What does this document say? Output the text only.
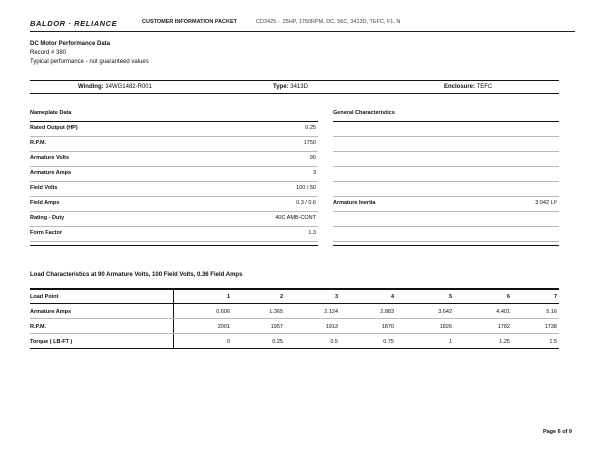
BALDOR · RELIANCE	CUSTOMER INFORMATION PACKET	CD3425 - .25HP, 1750RPM, DC, 56C, 3413D, TEFC, F1, N
DC Motor Performance Data
Record # 380
Typical performance - not guaranteed values
Winding: 34WG1482-R001	Type: 3413D	Enclosure: TEFC
Nameplate Data
Rated Output (HP)	0.25
R.P.M.	1750
Armature Volts	90
Armature Amps	3
Field Volts	100 / 50
Field Amps	0.3 / 0.6
Rating - Duty	40C AMB-CONT
Form Factor	1.3
General Characteristics
Armature Inertia	3.042 LI²
Load Characteristics at 90 Armature Volts, 100 Field Volts, 0.36 Field Amps
Load Point	1	2	3	4	5	6	7
Armature Amps	0.606	1.365	2.124	2.883	3.642	4.401	5.16
R.P.M.	2001	1957	1913	1870	1826	1782	1738
Torque ( LB-FT )	0	0.25	0.5	0.75	1	1.25	1.5
Page 6 of 9
